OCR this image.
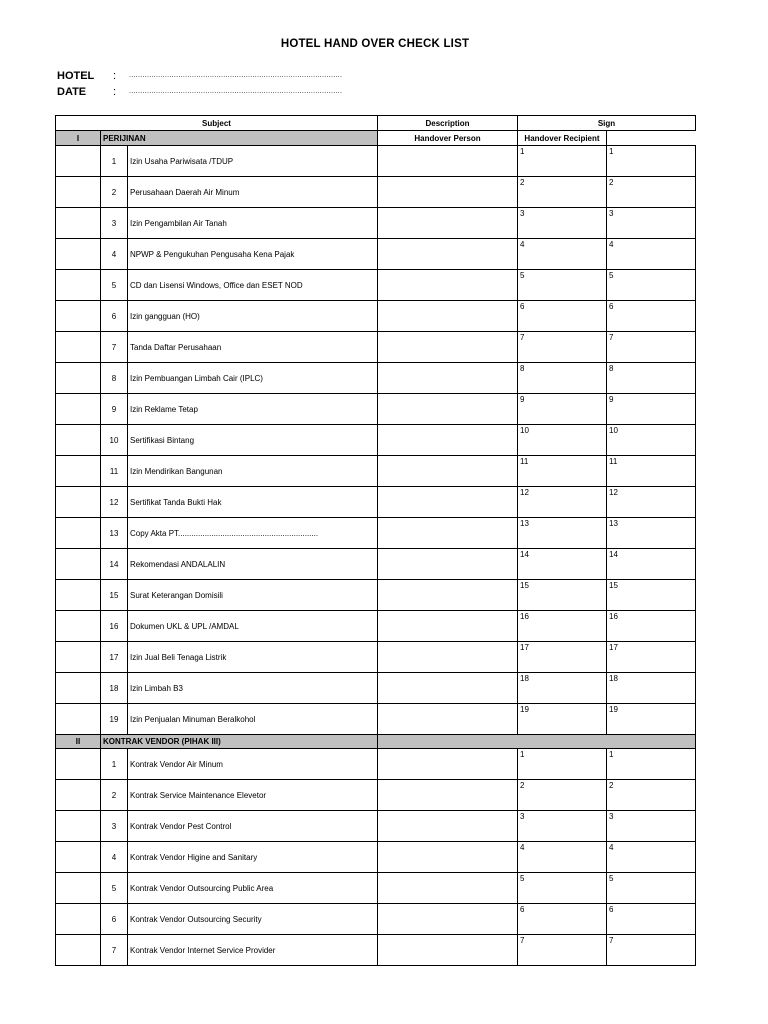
HOTEL HAND OVER CHECK LIST
HOTEL : ...............................................................................................
DATE : ...............................................................................................
Subject			Description	Sign	
I	PERIJINAN		Handover Person	Handover Recipient	
	1	Izin Usaha Pariwisata /TDUP		1	1
	2	Perusahaan Daerah Air Minum		2	2
	3	Izin Pengambilan Air Tanah		3	3
	4	NPWP & Pengukuhan Pengusaha Kena Pajak		4	4
	5	CD dan Lisensi Windows, Office dan ESET NOD		5	5
	6	Izin gangguan (HO)		6	6
	7	Tanda Daftar Perusahaan		7	7
	8	Izin Pembuangan Limbah Cair (IPLC)		8	8
	9	Izin Reklame Tetap		9	9
	10	Sertifikasi Bintang		10	10
	11	Izin Mendirikan Bangunan		11	11
	12	Sertifikat Tanda Bukti Hak		12	12
	13	Copy Akta PT...............................................................		13	13
	14	Rekomendasi ANDALALIN		14	14
	15	Surat Keterangan Domisili		15	15
	16	Dokumen UKL & UPL /AMDAL		16	16
	17	Izin Jual Beli Tenaga Listrik		17	17
	18	Izin Limbah B3		18	18
	19	Izin Penjualan Minuman Beralkohol		19	19
II	KONTRAK VENDOR (PIHAK III)				
	1	Kontrak Vendor Air Minum		1	1
	2	Kontrak Service Maintenance Elevetor		2	2
	3	Kontrak Vendor Pest Control		3	3
	4	Kontrak Vendor Higine and Sanitary		4	4
	5	Kontrak Vendor Outsourcing Public Area		5	5
	6	Kontrak Vendor Outsourcing Security		6	6
	7	Kontrak Vendor Internet Service Provider		7	7
